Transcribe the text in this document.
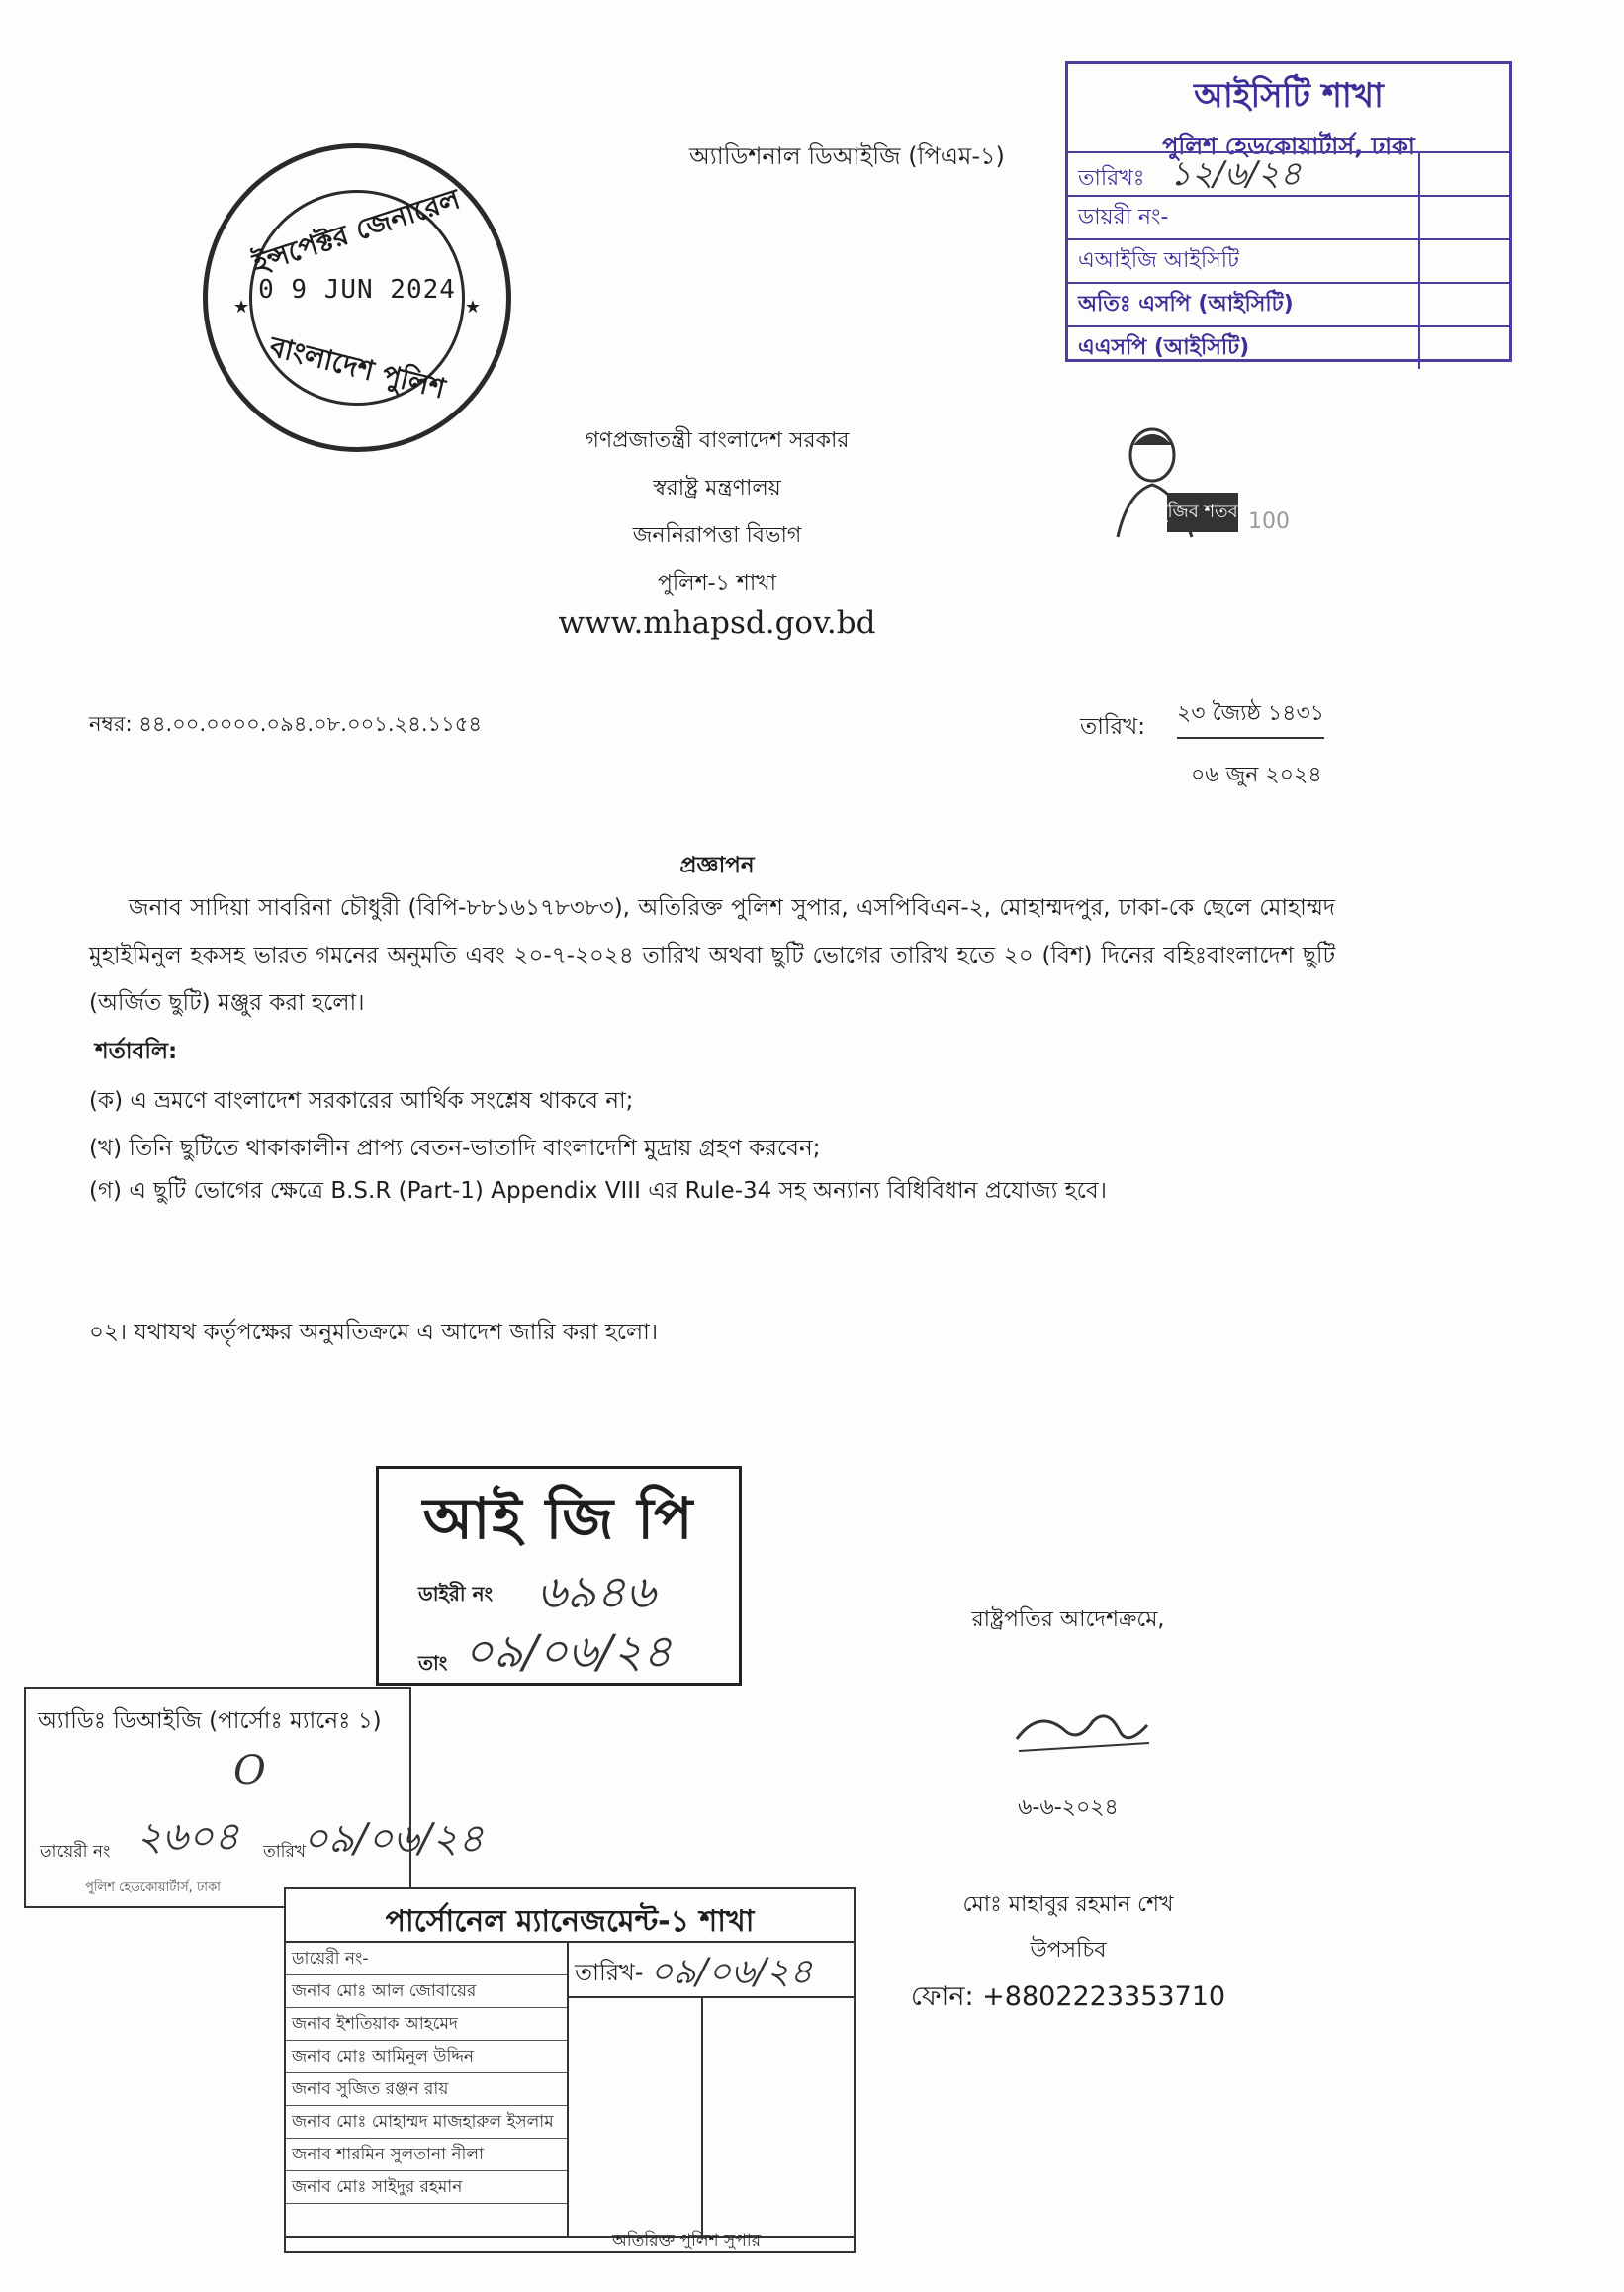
অ্যাডিশনাল ডিআইজি (পিএম-১)
ইন্সপেক্টর জেনারেল
★	★
0 9 JUN 2024
বাংলাদেশ পুলিশ
আইসিটি শাখা
পুলিশ হেডকোয়ার্টার্স, ঢাকা
তারিখঃ ১২/৬/২৪
ডায়রী নং-
এআইজি আইসিটি
অতিঃ এসপি (আইসিটি)
এএসপি (আইসিটি)
গণপ্রজাতন্ত্রী বাংলাদেশ সরকার
স্বরাষ্ট্র মন্ত্রণালয়
জননিরাপত্তা বিভাগ
পুলিশ-১ শাখা
www.mhapsd.gov.bd
মুজিব শতবর্ষ 100
নম্বর: ৪৪.০০.০০০০.০৯৪.০৮.০০১.২৪.১১৫৪	তারিখ:
২৩ জ্যৈষ্ঠ ১৪৩১
০৬ জুন ২০২৪
প্রজ্ঞাপন
জনাব সাদিয়া সাবরিনা চৌধুরী (বিপি-৮৮১৬১৭৮৩৮৩), অতিরিক্ত পুলিশ সুপার, এসপিবিএন-২, মোহাম্মদপুর, ঢাকা-কে ছেলে মোহাম্মদ মুহাইমিনুল হকসহ ভারত গমনের অনুমতি এবং ২০-৭-২০২৪ তারিখ অথবা ছুটি ভোগের তারিখ হতে ২০ (বিশ) দিনের বহিঃবাংলাদেশ ছুটি (অর্জিত ছুটি) মঞ্জুর করা হলো।
শর্তাবলি:
(ক) এ ভ্রমণে বাংলাদেশ সরকারের আর্থিক সংশ্লেষ থাকবে না;
(খ) তিনি ছুটিতে থাকাকালীন প্রাপ্য বেতন-ভাতাদি বাংলাদেশি মুদ্রায় গ্রহণ করবেন;
(গ) এ ছুটি ভোগের ক্ষেত্রে B.S.R (Part-1) Appendix VIII এর Rule-34 সহ অন্যান্য বিধিবিধান প্রযোজ্য হবে।
০২। যথাযথ কর্তৃপক্ষের অনুমতিক্রমে এ আদেশ জারি করা হলো।
আই জি পি
ডাইরী নং ৬৯৪৬
তাং ০৯/০৬/২৪
অ্যাডিঃ ডিআইজি (পার্সোঃ ম্যানেঃ ১)
O
ডায়েরী নং ২৬০৪ তারিখ
০৯/০৬/২৪
পুলিশ হেডকোয়ার্টার্স, ঢাকা
পার্সোনেল ম্যানেজমেন্ট-১ শাখা
ডায়েরী নং-
জনাব মোঃ আল জোবায়ের
জনাব ইশতিয়াক আহমেদ
জনাব মোঃ আমিনুল উদ্দিন
জনাব সুজিত রঞ্জন রায়
জনাব মোঃ মোহাম্মদ মাজহারুল ইসলাম
জনাব শারমিন সুলতানা নীলা
জনাব মোঃ সাইদুর রহমান
তারিখ- ০৯/০৬/২৪
অতিরিক্ত পুলিশ সুপার
রাষ্ট্রপতির আদেশক্রমে,
৬-৬-২০২৪
মোঃ মাহাবুর রহমান শেখ
উপসচিব
ফোন: +8802223353710
